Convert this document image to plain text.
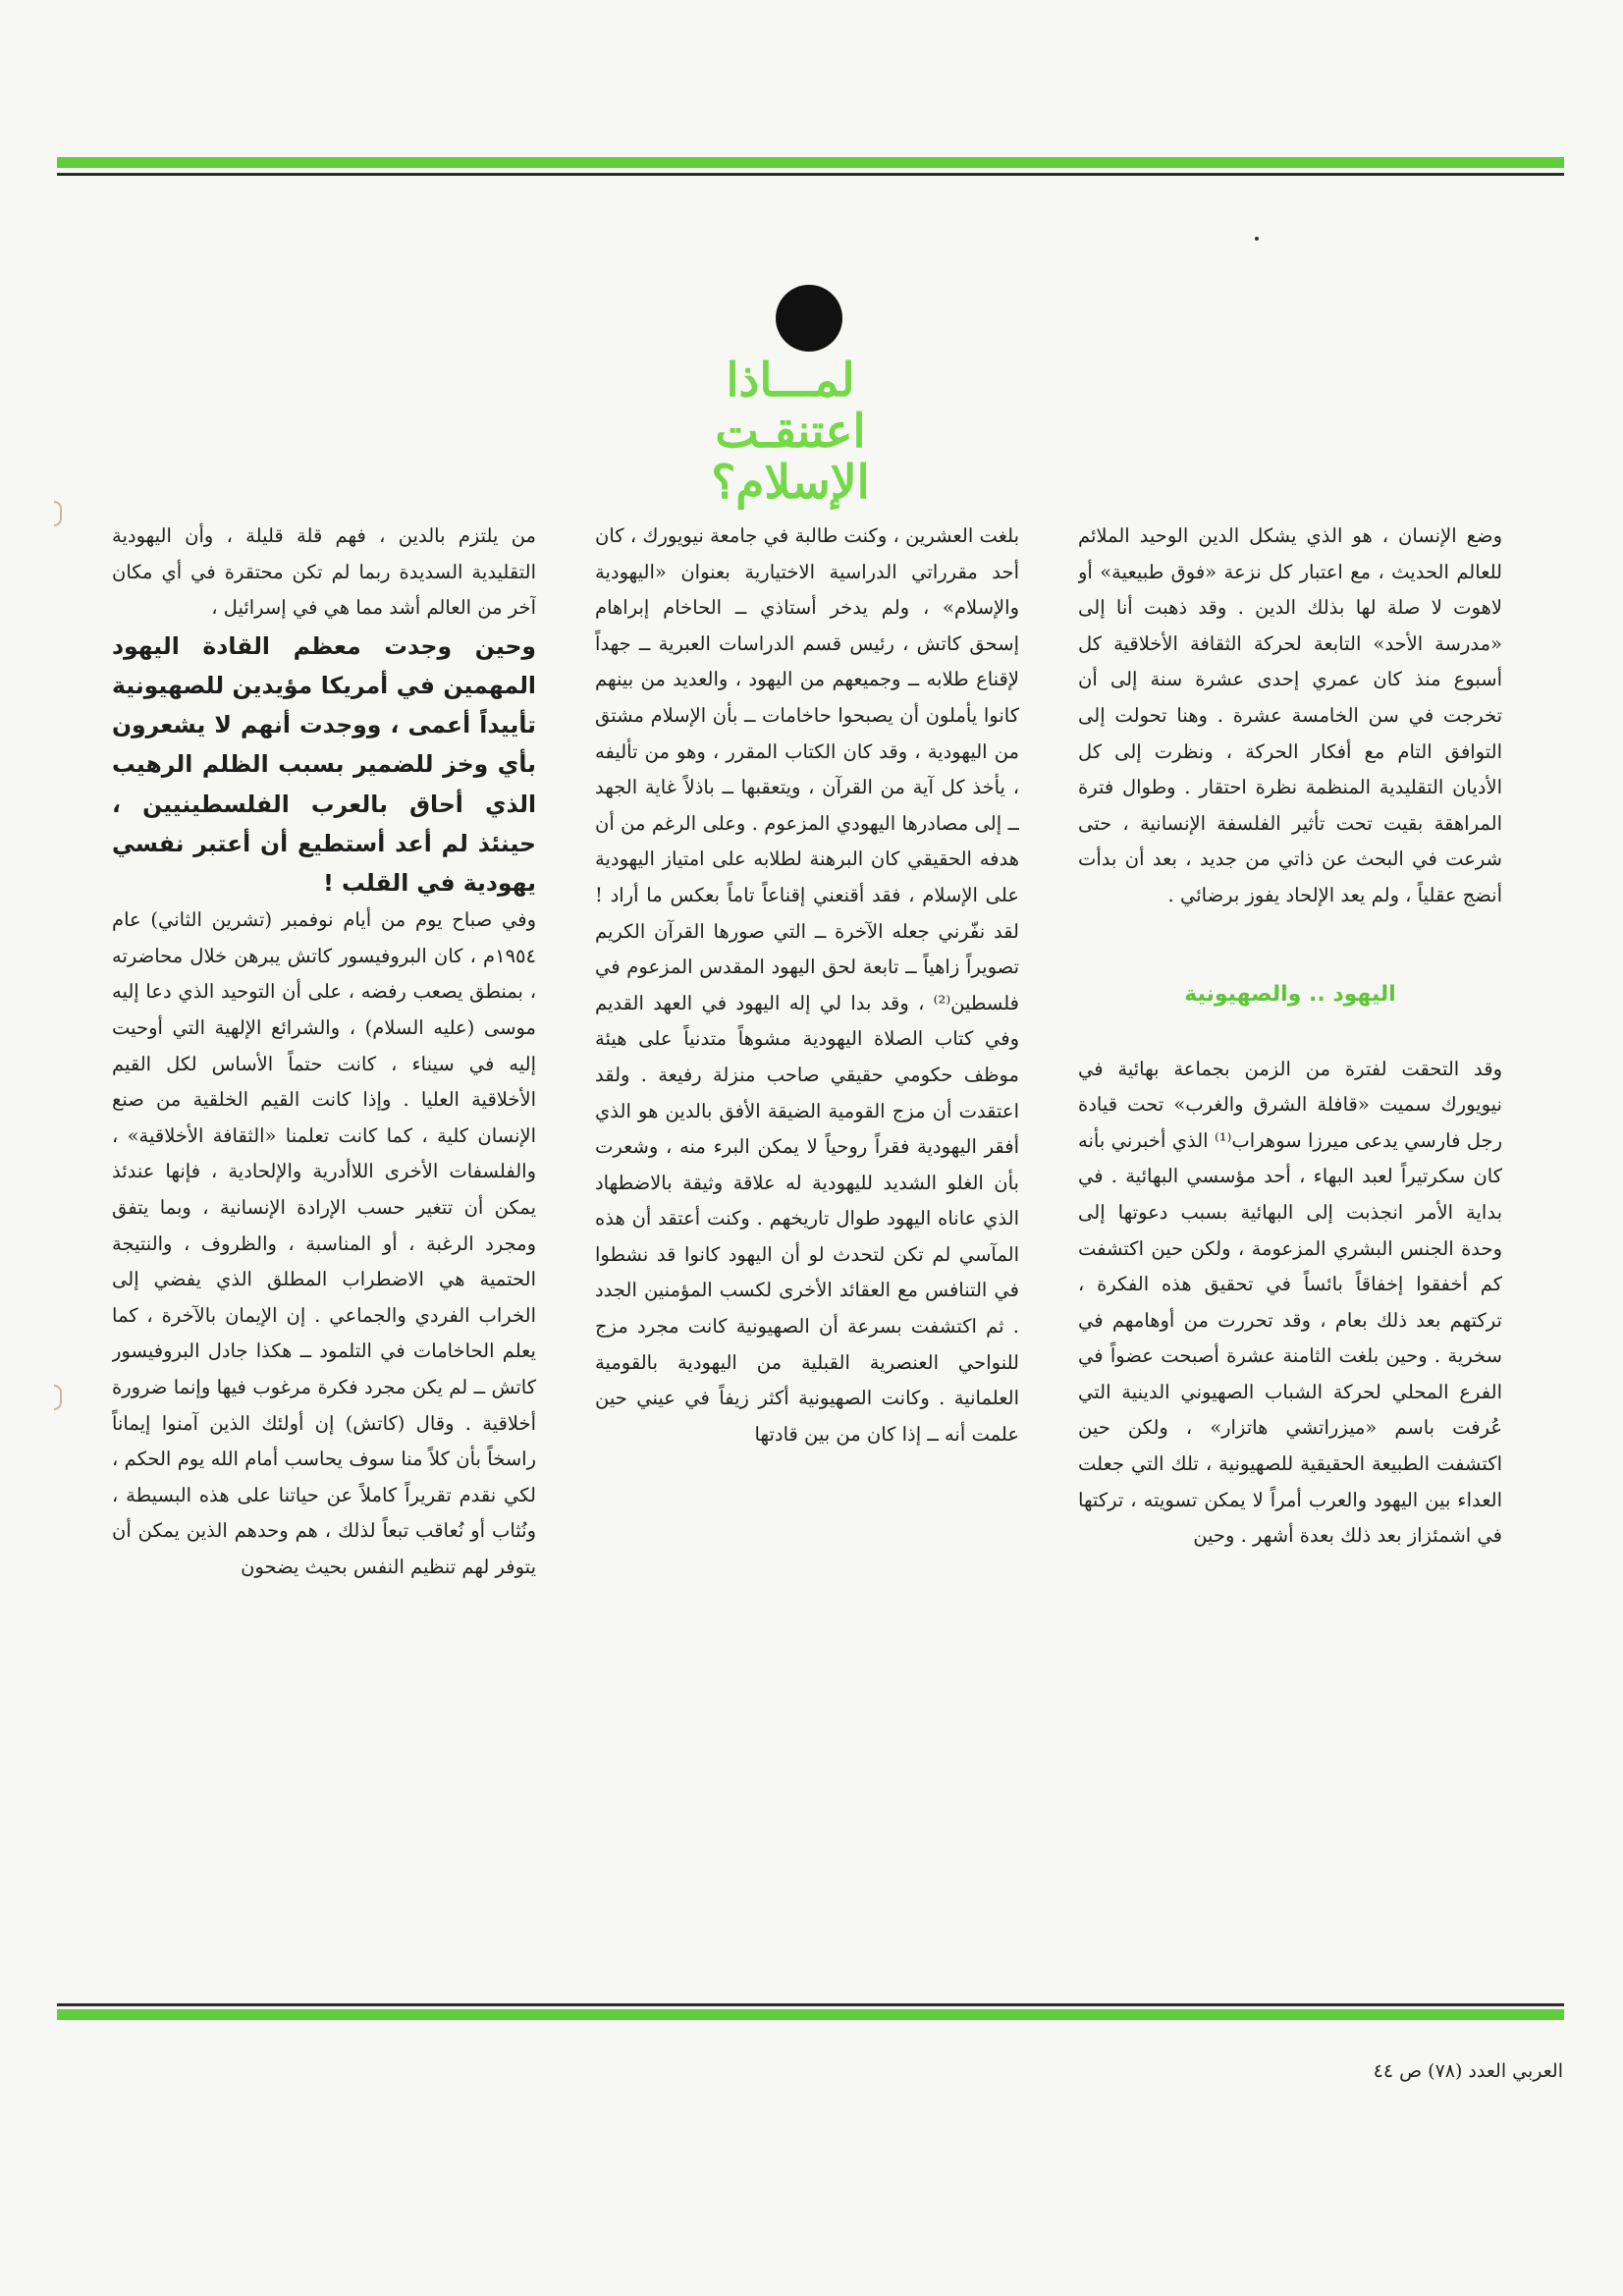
لمـــاذا
اعتنقـت
الإسلام؟

وضع الإنسان ، هو الذي يشكل الدين الوحيد الملائم للعالم الحديث ، مع اعتبار كل نزعة «فوق طبيعية» أو لاهوت لا صلة لها بذلك الدين . وقد ذهبت أنا إلى «مدرسة الأحد» التابعة لحركة الثقافة الأخلاقية كل أسبوع منذ كان عمري إحدى عشرة سنة إلى أن تخرجت في سن الخامسة عشرة . وهنا تحولت إلى التوافق التام مع أفكار الحركة ، ونظرت إلى كل الأديان التقليدية المنظمة نظرة احتقار . وطوال فترة المراهقة بقيت تحت تأثير الفلسفة الإنسانية ، حتى شرعت في البحث عن ذاتي من جديد ، بعد أن بدأت أنضج عقلياً ، ولم يعد الإلحاد يفوز برضائي .

اليهود .. والصهيونية

وقد التحقت لفترة من الزمن بجماعة بهائية في نيويورك سميت «قافلة الشرق والغرب» تحت قيادة رجل فارسي يدعى ميرزا سوهراب⁽¹⁾ الذي أخبرني بأنه كان سكرتيراً لعبد البهاء ، أحد مؤسسي البهائية . في بداية الأمر انجذبت إلى البهائية بسبب دعوتها إلى وحدة الجنس البشري المزعومة ، ولكن حين اكتشفت كم أخفقوا إخفاقاً بائساً في تحقيق هذه الفكرة ، تركتهم بعد ذلك بعام ، وقد تحررت من أوهامهم في سخرية . وحين بلغت الثامنة عشرة أصبحت عضواً في الفرع المحلي لحركة الشباب الصهيوني الدينية التي عُرفت باسم «ميزراتشي هاتزار» ، ولكن حين اكتشفت الطبيعة الحقيقية للصهيونية ، تلك التي جعلت العداء بين اليهود والعرب أمراً لا يمكن تسويته ، تركتها في اشمئزاز بعد ذلك بعدة أشهر . وحين

بلغت العشرين ، وكنت طالبة في جامعة نيويورك ، كان أحد مقرراتي الدراسية الاختيارية بعنوان «اليهودية والإسلام» ، ولم يدخر أستاذي ــ الحاخام إبراهام إسحق كاتش ، رئيس قسم الدراسات العبرية ــ جهداً لإقناع طلابه ــ وجميعهم من اليهود ، والعديد من بينهم كانوا يأملون أن يصبحوا حاخامات ــ بأن الإسلام مشتق من اليهودية ، وقد كان الكتاب المقرر ، وهو من تأليفه ، يأخذ كل آية من القرآن ، ويتعقبها ــ باذلاً غاية الجهد ــ إلى مصادرها اليهودي المزعوم . وعلى الرغم من أن هدفه الحقيقي كان البرهنة لطلابه على امتياز اليهودية على الإسلام ، فقد أقنعني إقناعاً تاماً بعكس ما أراد ! لقد نفّرني جعله الآخرة ــ التي صورها القرآن الكريم تصويراً زاهياً ــ تابعة لحق اليهود المقدس المزعوم في فلسطين⁽²⁾ ، وقد بدا لي إله اليهود في العهد القديم وفي كتاب الصلاة اليهودية مشوهاً متدنياً على هيئة موظف حكومي حقيقي صاحب منزلة رفيعة . ولقد اعتقدت أن مزج القومية الضيقة الأفق بالدين هو الذي أفقر اليهودية فقراً روحياً لا يمكن البرء منه ، وشعرت بأن الغلو الشديد لليهودية له علاقة وثيقة بالاضطهاد الذي عاناه اليهود طوال تاريخهم . وكنت أعتقد أن هذه المآسي لم تكن لتحدث لو أن اليهود كانوا قد نشطوا في التنافس مع العقائد الأخرى لكسب المؤمنين الجدد . ثم اكتشفت بسرعة أن الصهيونية كانت مجرد مزج للنواحي العنصرية القبلية من اليهودية بالقومية العلمانية . وكانت الصهيونية أكثر زيفاً في عيني حين علمت أنه ــ إذا كان من بين قادتها

من يلتزم بالدين ، فهم قلة قليلة ، وأن اليهودية التقليدية السديدة ربما لم تكن محتقرة في أي مكان آخر من العالم أشد مما هي في إسرائيل ،

وحين وجدت معظم القادة اليهود المهمين في أمريكا مؤيدين للصهيونية تأييداً أعمى ، ووجدت أنهم لا يشعرون بأي وخز للضمير بسبب الظلم الرهيب الذي أحاق بالعرب الفلسطينيين ، حينئذ لم أعد أستطيع أن أعتبر نفسي يهودية في القلب !

وفي صباح يوم من أيام نوفمبر (تشرين الثاني) عام ١٩٥٤م ، كان البروفيسور كاتش يبرهن خلال محاضرته ، بمنطق يصعب رفضه ، على أن التوحيد الذي دعا إليه موسى (عليه السلام) ، والشرائع الإلهية التي أوحيت إليه في سيناء ، كانت حتماً الأساس لكل القيم الأخلاقية العليا . وإذا كانت القيم الخلقية من صنع الإنسان كلية ، كما كانت تعلمنا «الثقافة الأخلاقية» ، والفلسفات الأخرى اللاأدرية والإلحادية ، فإنها عندئذ يمكن أن تتغير حسب الإرادة الإنسانية ، وبما يتفق ومجرد الرغبة ، أو المناسبة ، والظروف ، والنتيجة الحتمية هي الاضطراب المطلق الذي يفضي إلى الخراب الفردي والجماعي . إن الإيمان بالآخرة ، كما يعلم الحاخامات في التلمود ــ هكذا جادل البروفيسور كاتش ــ لم يكن مجرد فكرة مرغوب فيها وإنما ضرورة أخلاقية . وقال (كاتش) إن أولئك الذين آمنوا إيماناً راسخاً بأن كلاً منا سوف يحاسب أمام الله يوم الحكم ، لكي نقدم تقريراً كاملاً عن حياتنا على هذه البسيطة ، ونُثاب أو نُعاقب تبعاً لذلك ، هم وحدهم الذين يمكن أن يتوفر لهم تنظيم النفس بحيث يضحون

العربي العدد (٧٨) ص ٤٤
